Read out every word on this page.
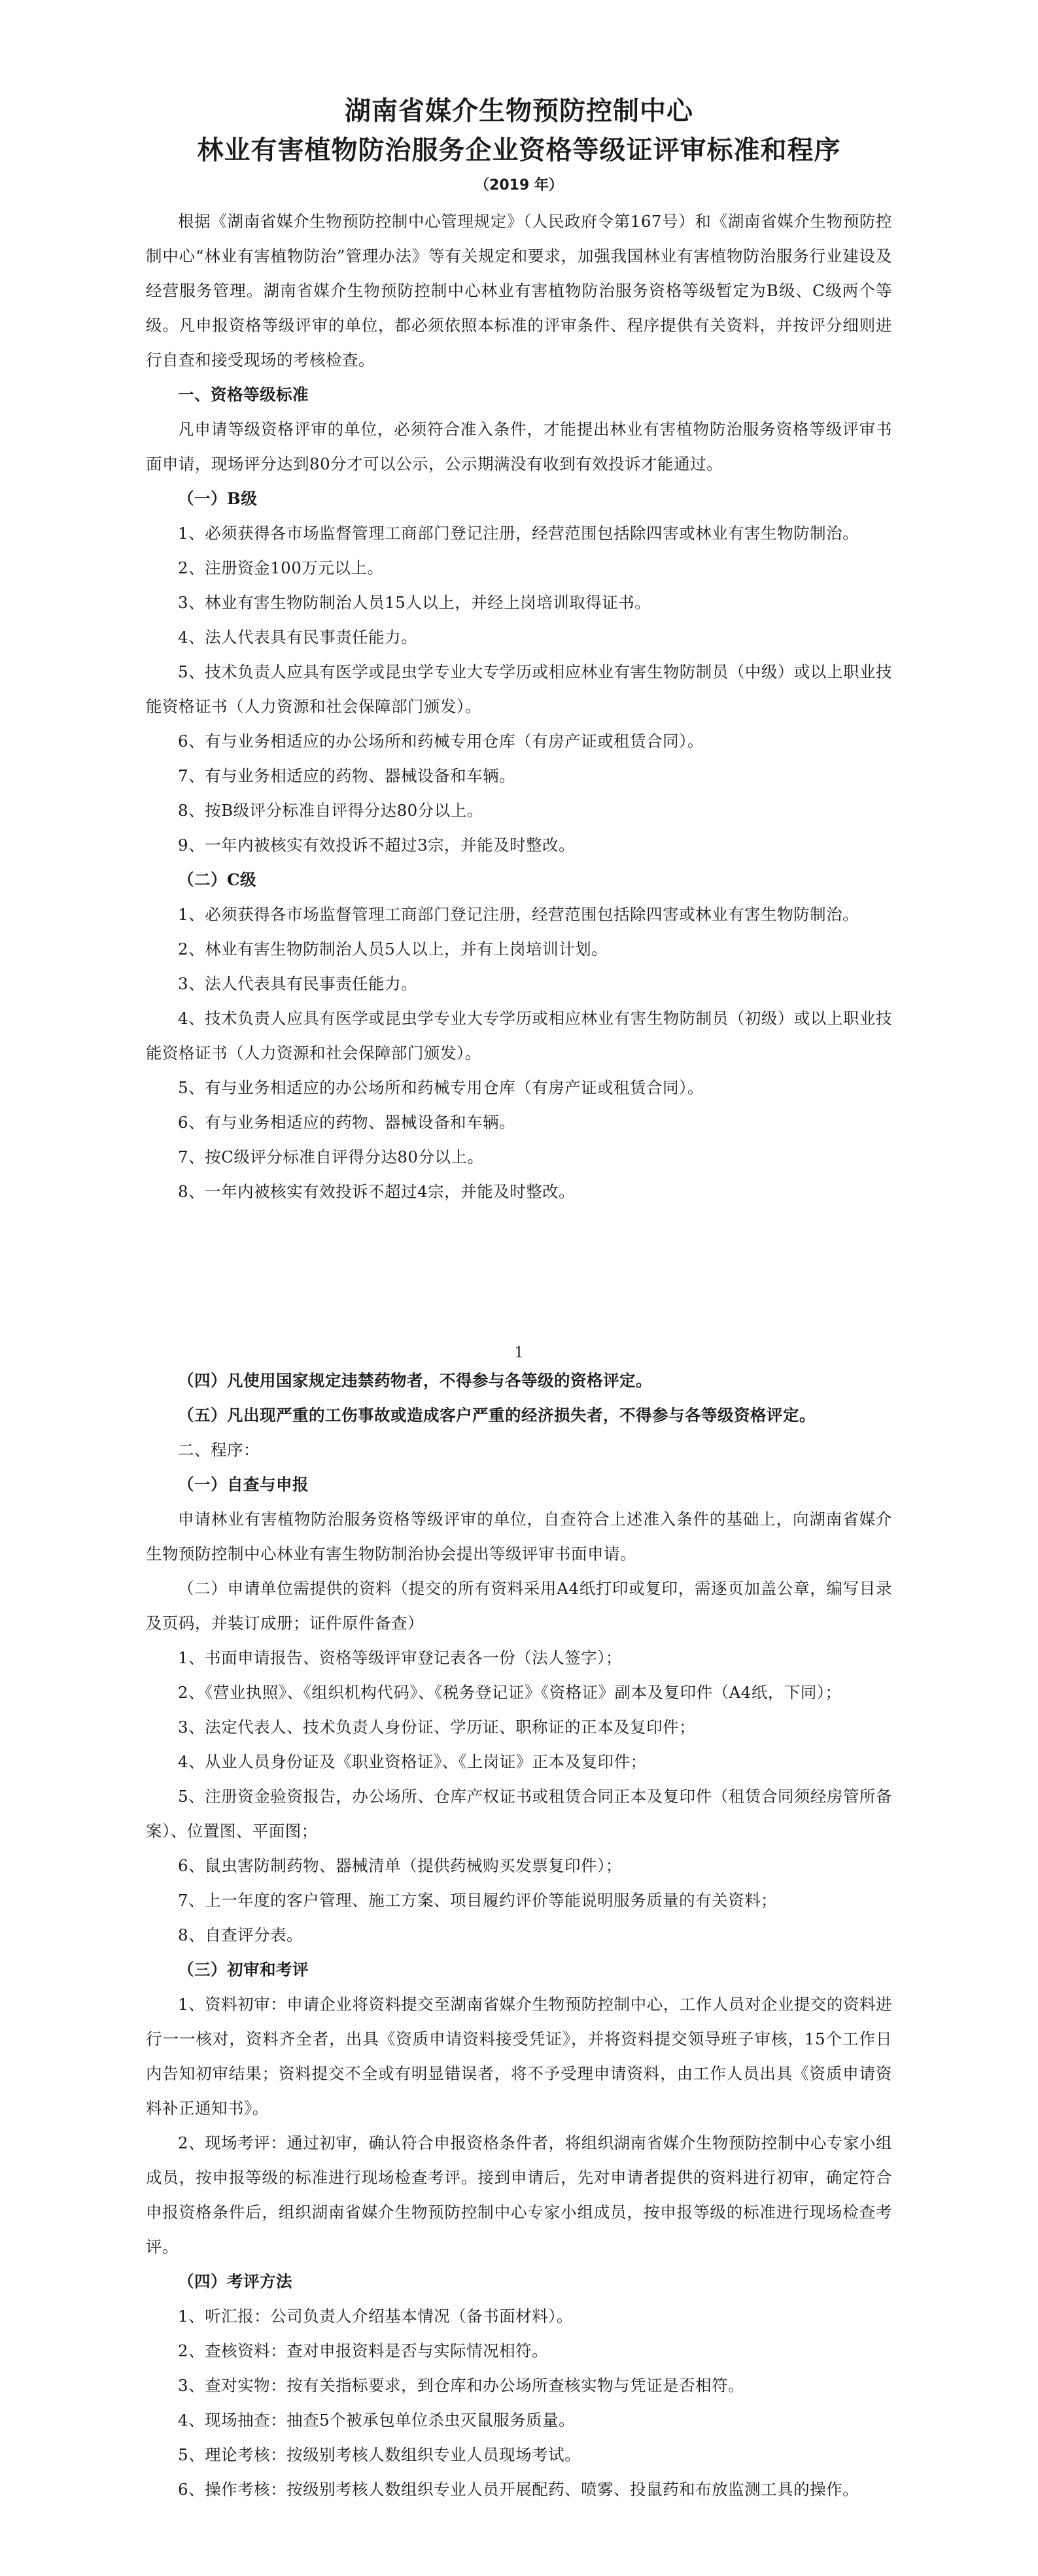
湖南省媒介生物预防控制中心
林业有害植物防治服务企业资格等级证评审标准和程序
（2019 年）

根据《湖南省媒介生物预防控制中心管理规定》（人民政府令第167号）和《湖南省媒介生物预防控制中心“林业有害植物防治”管理办法》等有关规定和要求，加强我国林业有害植物防治服务行业建设及经营服务管理。湖南省媒介生物预防控制中心林业有害植物防治服务资格等级暂定为B级、C级两个等级。凡申报资格等级评审的单位，都必须依照本标准的评审条件、程序提供有关资料，并按评分细则进行自查和接受现场的考核检查。

一、资格等级标准

凡申请等级资格评审的单位，必须符合准入条件，才能提出林业有害植物防治服务资格等级评审书面申请，现场评分达到80分才可以公示，公示期满没有收到有效投诉才能通过。

（一）B级

1、必须获得各市场监督管理工商部门登记注册，经营范围包括除四害或林业有害生物防制治。

2、注册资金100万元以上。

3、林业有害生物防制治人员15人以上，并经上岗培训取得证书。

4、法人代表具有民事责任能力。

5、技术负责人应具有医学或昆虫学专业大专学历或相应林业有害生物防制员（中级）或以上职业技能资格证书（人力资源和社会保障部门颁发）。

6、有与业务相适应的办公场所和药械专用仓库（有房产证或租赁合同）。

7、有与业务相适应的药物、器械设备和车辆。

8、按B级评分标准自评得分达80分以上。

9、一年内被核实有效投诉不超过3宗，并能及时整改。

（二）C级

1、必须获得各市场监督管理工商部门登记注册，经营范围包括除四害或林业有害生物防制治。

2、林业有害生物防制治人员5人以上，并有上岗培训计划。

3、法人代表具有民事责任能力。

4、技术负责人应具有医学或昆虫学专业大专学历或相应林业有害生物防制员（初级）或以上职业技能资格证书（人力资源和社会保障部门颁发）。

5、有与业务相适应的办公场所和药械专用仓库（有房产证或租赁合同）。

6、有与业务相适应的药物、器械设备和车辆。

7、按C级评分标准自评得分达80分以上。

8、一年内被核实有效投诉不超过4宗，并能及时整改。

1

（四）凡使用国家规定违禁药物者，不得参与各等级的资格评定。

（五）凡出现严重的工伤事故或造成客户严重的经济损失者，不得参与各等级资格评定。

二、程序：

（一）自查与申报

申请林业有害植物防治服务资格等级评审的单位，自查符合上述准入条件的基础上，向湖南省媒介生物预防控制中心林业有害生物防制治协会提出等级评审书面申请。

（二）申请单位需提供的资料（提交的所有资料采用A4纸打印或复印，需逐页加盖公章，编写目录及页码，并装订成册；证件原件备查）

1、书面申请报告、资格等级评审登记表各一份（法人签字）；

2、《营业执照》、《组织机构代码》、《税务登记证》《资格证》副本及复印件（A4纸，下同）；

3、法定代表人、技术负责人身份证、学历证、职称证的正本及复印件；

4、从业人员身份证及《职业资格证》、《上岗证》正本及复印件；

5、注册资金验资报告，办公场所、仓库产权证书或租赁合同正本及复印件（租赁合同须经房管所备案）、位置图、平面图；

6、鼠虫害防制药物、器械清单（提供药械购买发票复印件）；

7、上一年度的客户管理、施工方案、项目履约评价等能说明服务质量的有关资料；

8、自查评分表。

（三）初审和考评

1、资料初审：申请企业将资料提交至湖南省媒介生物预防控制中心，工作人员对企业提交的资料进行一一核对，资料齐全者，出具《资质申请资料接受凭证》，并将资料提交领导班子审核，15个工作日内告知初审结果；资料提交不全或有明显错误者，将不予受理申请资料，由工作人员出具《资质申请资料补正通知书》。

2、现场考评：通过初审，确认符合申报资格条件者，将组织湖南省媒介生物预防控制中心专家小组成员，按申报等级的标准进行现场检查考评。接到申请后，先对申请者提供的资料进行初审，确定符合申报资格条件后，组织湖南省媒介生物预防控制中心专家小组成员，按申报等级的标准进行现场检查考评。

（四）考评方法

1、听汇报：公司负责人介绍基本情况（备书面材料）。

2、查核资料：查对申报资料是否与实际情况相符。

3、查对实物：按有关指标要求，到仓库和办公场所查核实物与凭证是否相符。

4、现场抽查：抽查5个被承包单位杀虫灭鼠服务质量。

5、理论考核：按级别考核人数组织专业人员现场考试。

6、操作考核：按级别考核人数组织专业人员开展配药、喷雾、投鼠药和布放监测工具的操作。
